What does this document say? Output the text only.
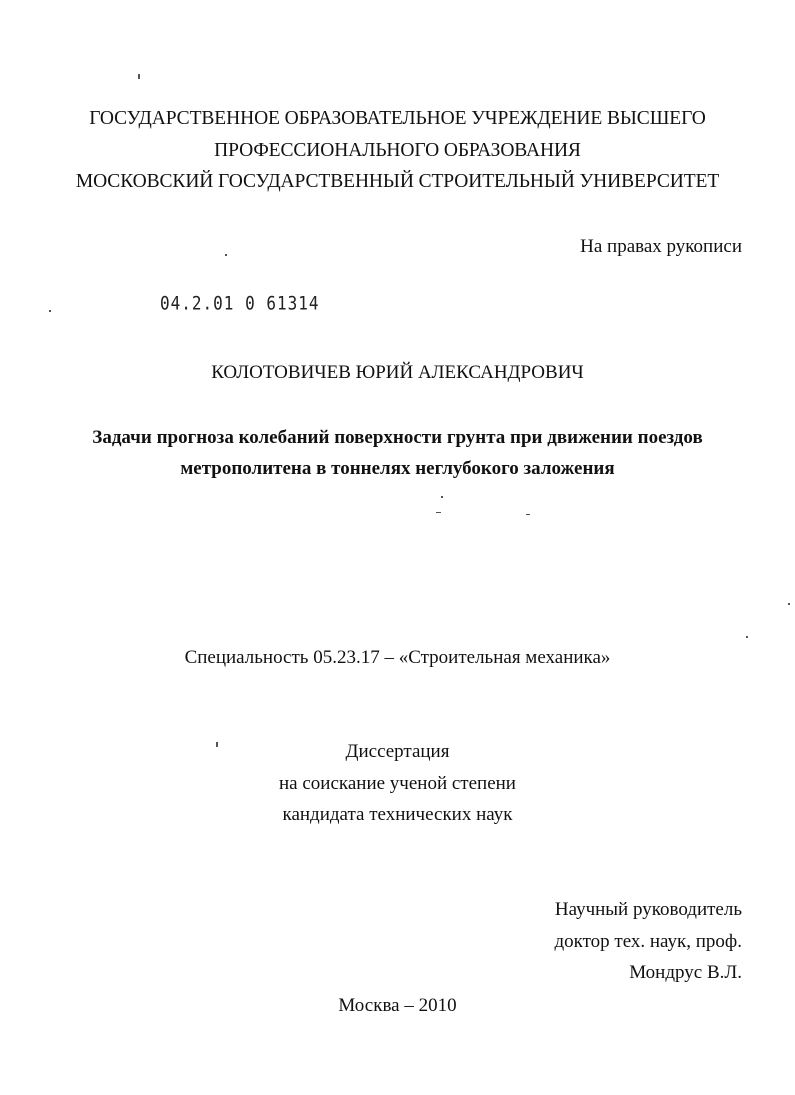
ГОСУДАРСТВЕННОЕ ОБРАЗОВАТЕЛЬНОЕ УЧРЕЖДЕНИЕ ВЫСШЕГО
ПРОФЕССИОНАЛЬНОГО ОБРАЗОВАНИЯ
МОСКОВСКИЙ ГОСУДАРСТВЕННЫЙ СТРОИТЕЛЬНЫЙ УНИВЕРСИТЕТ
На правах рукописи
04.2.01 0 61314
КОЛОТОВИЧЕВ ЮРИЙ АЛЕКСАНДРОВИЧ
Задачи прогноза колебаний поверхности грунта при движении поездов
метрополитена в тоннелях неглубокого заложения
Специальность 05.23.17 – «Строительная механика»
Диссертация
на соискание ученой степени
кандидата технических наук
Научный руководитель
доктор тех. наук, проф.
Мондрус В.Л.
Москва – 2010
